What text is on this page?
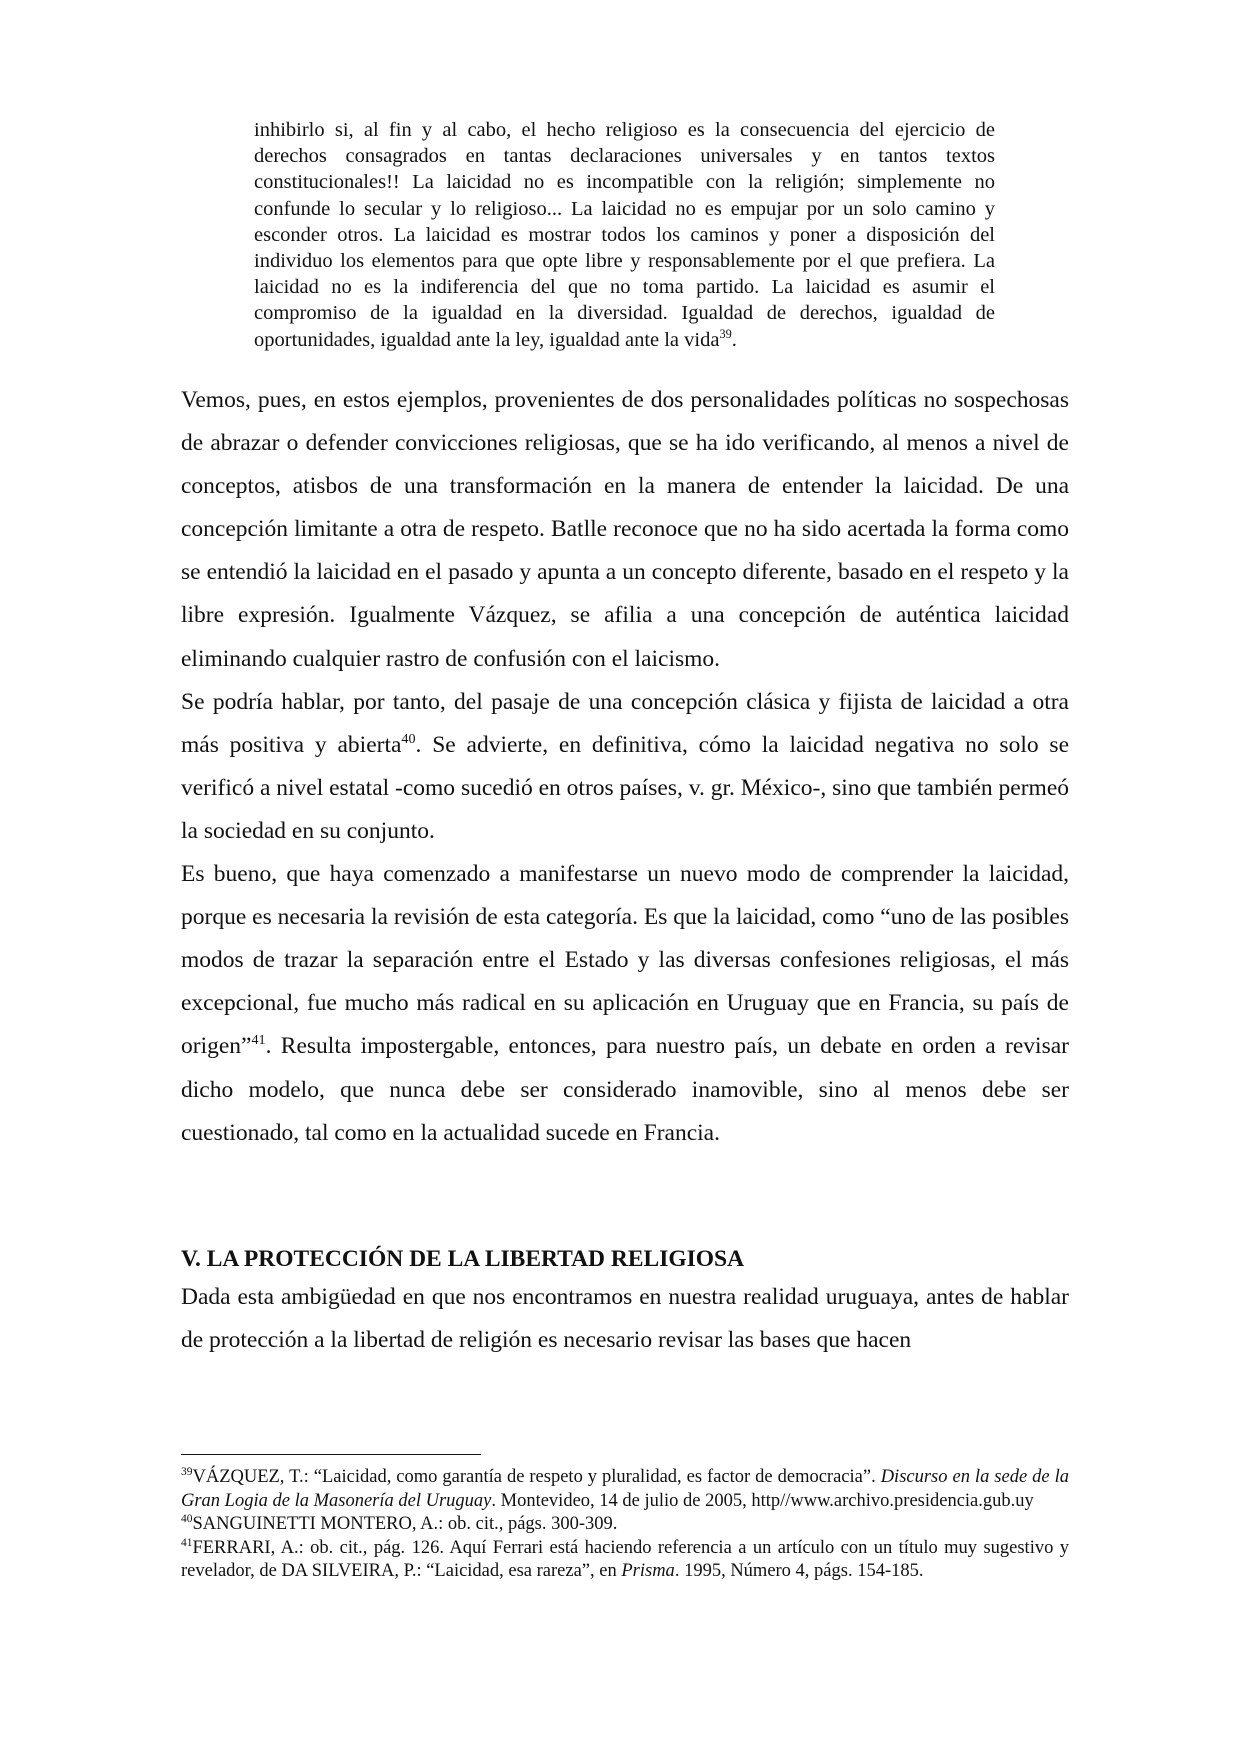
inhibirlo si, al fin y al cabo, el hecho religioso es la consecuencia del ejercicio de derechos consagrados en tantas declaraciones universales y en tantos textos constitucionales!! La laicidad no es incompatible con la religión; simplemente no confunde lo secular y lo religioso... La laicidad no es empujar por un solo camino y esconder otros. La laicidad es mostrar todos los caminos y poner a disposición del individuo los elementos para que opte libre y responsablemente por el que prefiera. La laicidad no es la indiferencia del que no toma partido. La laicidad es asumir el compromiso de la igualdad en la diversidad. Igualdad de derechos, igualdad de oportunidades, igualdad ante la ley, igualdad ante la vida$^{39}$.

Vemos, pues, en estos ejemplos, provenientes de dos personalidades políticas no sospechosas de abrazar o defender convicciones religiosas, que se ha ido verificando, al menos a nivel de conceptos, atisbos de una transformación en la manera de entender la laicidad. De una concepción limitante a otra de respeto. Batlle reconoce que no ha sido acertada la forma como se entendió la laicidad en el pasado y apunta a un concepto diferente, basado en el respeto y la libre expresión. Igualmente Vázquez, se afilia a una concepción de auténtica laicidad eliminando cualquier rastro de confusión con el laicismo.

Se podría hablar, por tanto, del pasaje de una concepción clásica y fijista de laicidad a otra más positiva y abierta$^{40}$. Se advierte, en definitiva, cómo la laicidad negativa no solo se verificó a nivel estatal -como sucedió en otros países, v. gr. México-, sino que también permeó la sociedad en su conjunto.

Es bueno, que haya comenzado a manifestarse un nuevo modo de comprender la laicidad, porque es necesaria la revisión de esta categoría. Es que la laicidad, como “uno de las posibles modos de trazar la separación entre el Estado y las diversas confesiones religiosas, el más excepcional, fue mucho más radical en su aplicación en Uruguay que en Francia, su país de origen”$^{41}$. Resulta impostergable, entonces, para nuestro país, un debate en orden a revisar dicho modelo, que nunca debe ser considerado inamovible, sino al menos debe ser cuestionado, tal como en la actualidad sucede en Francia.

V. LA PROTECCIÓN DE LA LIBERTAD RELIGIOSA

Dada esta ambigüedad en que nos encontramos en nuestra realidad uruguaya, antes de hablar de protección a la libertad de religión es necesario revisar las bases que hacen

$^{39}$VÁZQUEZ, T.: “Laicidad, como garantía de respeto y pluralidad, es factor de democracia”. Discurso en la sede de la Gran Logia de la Masonería del Uruguay. Montevideo, 14 de julio de 2005, http//www.archivo.presidencia.gub.uy

$^{40}$SANGUINETTI MONTERO, A.: ob. cit., págs. 300-309.

$^{41}$FERRARI, A.: ob. cit., pág. 126. Aquí Ferrari está haciendo referencia a un artículo con un título muy sugestivo y revelador, de DA SILVEIRA, P.: “Laicidad, esa rareza”, en Prisma. 1995, Número 4, págs. 154-185.
